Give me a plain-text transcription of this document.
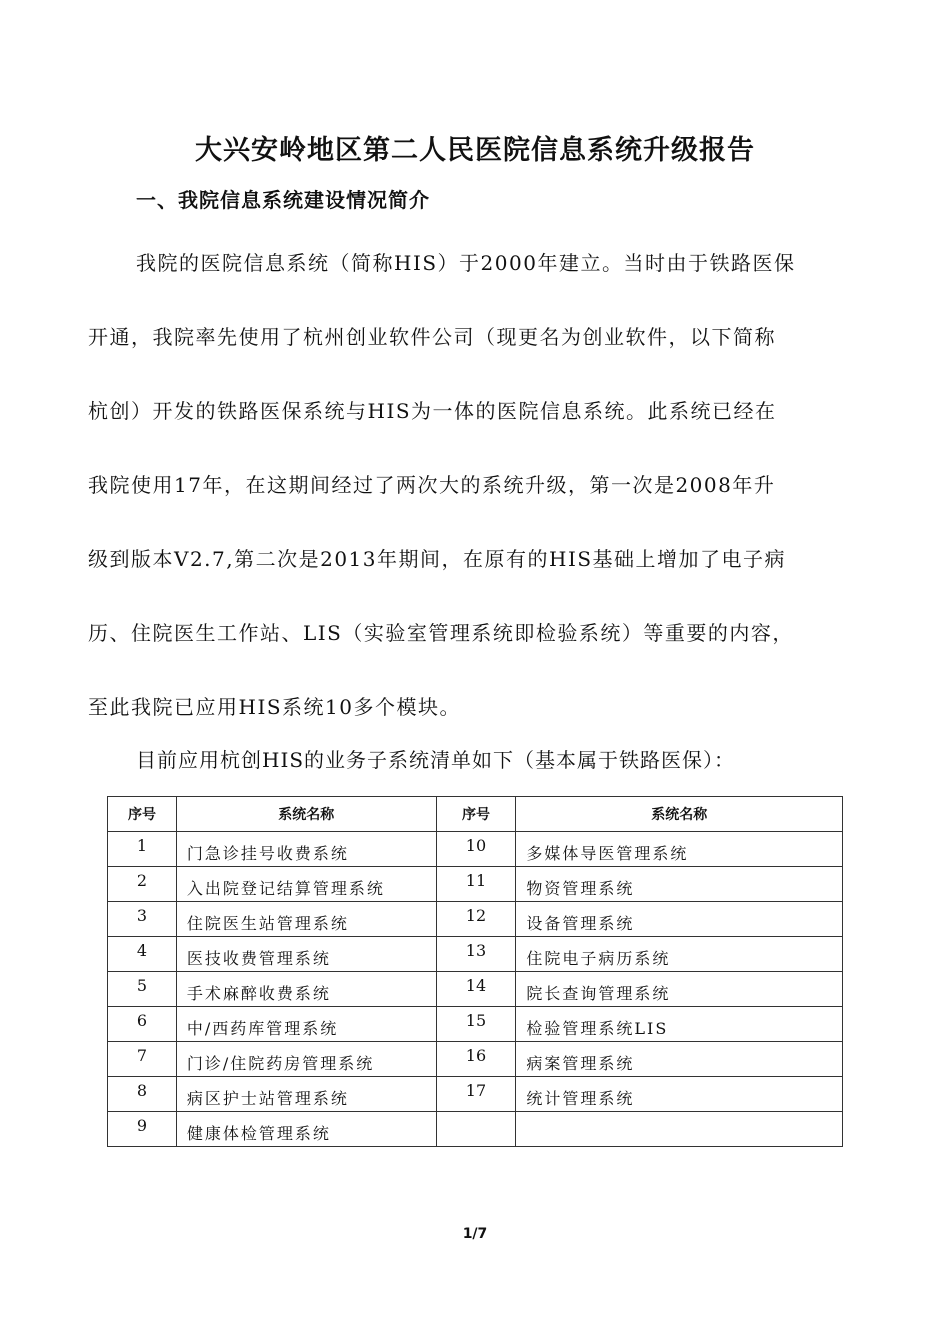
大兴安岭地区第二人民医院信息系统升级报告
一、我院信息系统建设情况简介
我院的医院信息系统（简称HIS）于2000年建立。当时由于铁路医保
开通，我院率先使用了杭州创业软件公司（现更名为创业软件，以下简称
杭创）开发的铁路医保系统与HIS为一体的医院信息系统。此系统已经在
我院使用17年，在这期间经过了两次大的系统升级，第一次是2008年升
级到版本V2.7,第二次是2013年期间，在原有的HIS基础上增加了电子病
历、住院医生工作站、LIS（实验室管理系统即检验系统）等重要的内容，
至此我院已应用HIS系统10多个模块。
目前应用杭创HIS的业务子系统清单如下（基本属于铁路医保）：
序号	系统名称	序号	系统名称
1	门急诊挂号收费系统	10	多媒体导医管理系统
2	入出院登记结算管理系统	11	物资管理系统
3	住院医生站管理系统	12	设备管理系统
4	医技收费管理系统	13	住院电子病历系统
5	手术麻醉收费系统	14	院长查询管理系统
6	中/西药库管理系统	15	检验管理系统LIS
7	门诊/住院药房管理系统	16	病案管理系统
8	病区护士站管理系统	17	统计管理系统
9	健康体检管理系统		
1/7
